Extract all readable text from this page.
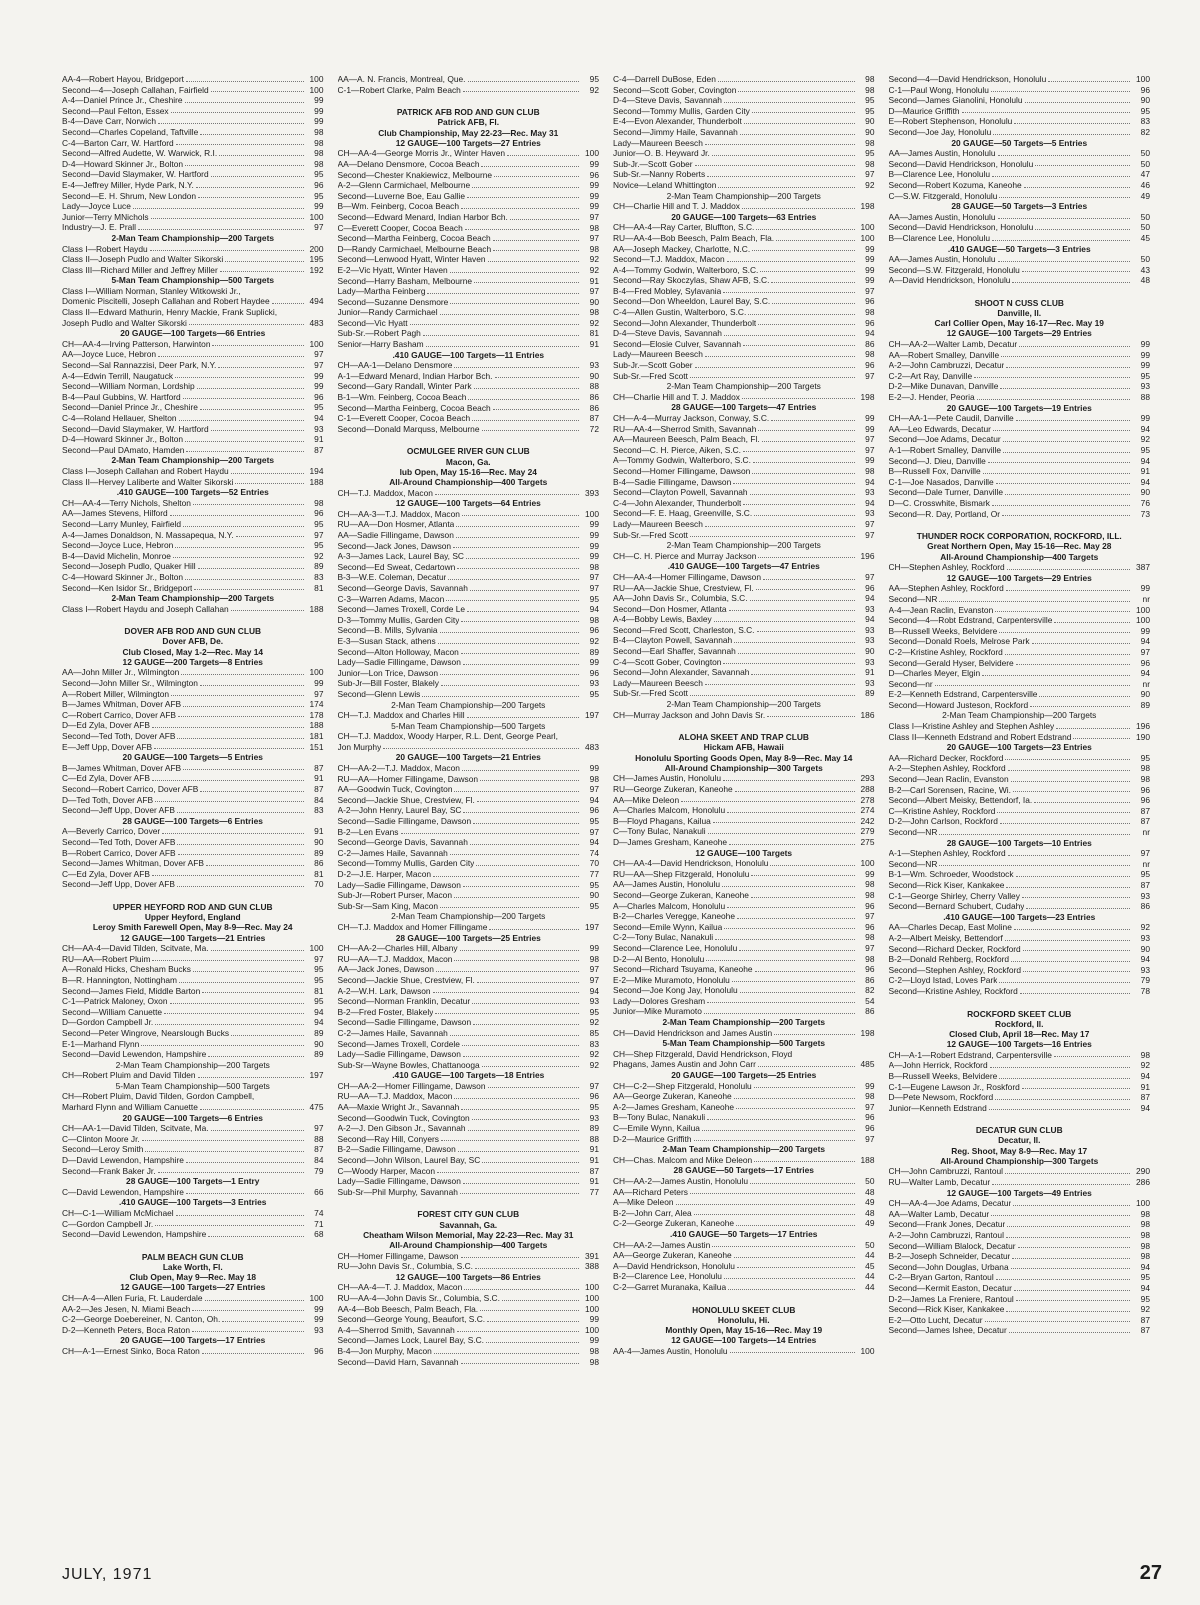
AA-4—Robert Hayou, Bridgeport	100
Second—4—Joseph Callahan, Fairfield	100
A-4—Daniel Prince Jr., Cheshire	99
Second—Paul Felton, Essex	99
B-4—Dave Carr, Norwich	99
Second—Charles Copeland, Taftville	98
C-4—Barton Carr, W. Hartford	98
Second—Alfred Audette, W. Warwick, R.I.	98
D-4—Howard Skinner Jr., Bolton	98
Second—David Slaymaker, W. Hartford	95
E-4—Jeffrey Miller, Hyde Park, N.Y.	96
Second—E. H. Shrum, New London	95
Lady—Joyce Luce	99
Junior—Terry MNichols	100
Industry—J. E. Prall	97
2-Man Team Championship—200 Targets
Class I—Robert Haydu	200
Class II—Joseph Pudlo and Walter Sikorski	195
Class III—Richard Miller and Jeffrey Miller	192
5-Man Team Championship—500 Targets
Class I—William Norman, Stanley Witkowski Jr.,
Domenic Piscitelli, Joseph Callahan and Robert Haydee	494
Class II—Edward Mathurin, Henry Mackie, Frank Suplicki,
Joseph Pudlo and Walter Sikorski	483
20 GAUGE—100 Targets—66 Entries
CH—AA-4—Irving Patterson, Harwinton	100
AA—Joyce Luce, Hebron	97
Second—Sal Rannazzisi, Deer Park, N.Y.	97
A-4—Edwin Terrill, Naugatuck	99
Second—William Norman, Lordship	99
B-4—Paul Gubbins, W. Hartford	96
Second—Daniel Prince Jr., Cheshire	95
C-4—Roland Hellauer, Shelton	94
Second—David Slaymaker, W. Hartford	93
D-4—Howard Skinner Jr., Bolton	91
Second—Paul DAmato, Hamden	87
2-Man Team Championship—200 Targets
Class I—Joseph Callahan and Robert Haydu	194
Class II—Hervey Laliberte and Walter Sikorski	188
.410 GAUGE—100 Targets—52 Entries
CH—AA-4—Terry Nichols, Shelton	98
AA—James Stevens, Hilford	96
Second—Larry Munley, Fairfield	95
A-4—James Donaldson, N. Massapequa, N.Y.	97
Second—Joyce Luce, Hebron	95
B-4—David Michelin, Monroe	92
Second—Joseph Pudlo, Quaker Hill	89
C-4—Howard Skinner Jr., Bolton	83
Second—Ken Isidor Sr., Bridgeport	81
2-Man Team Championship—200 Targets
Class I—Robert Haydu and Joseph Callahan	188
DOVER AFB ROD AND GUN CLUB
Dover AFB, De.
Club Closed, May 1-2—Rec. May 14
12 GAUGE—200 Targets—8 Entries
AA—John Miller Jr., Wilmington	100
Second—John Miller Sr., Wilmington	99
A—Robert Miller, Wilmington	97
B—James Whitman, Dover AFB	174
C—Robert Carrico, Dover AFB	178
D—Ed Zyla, Dover AFB	188
Second—Ted Toth, Dover AFB	181
E—Jeff Upp, Dover AFB	151
20 GAUGE—100 Targets—5 Entries
B—James Whitman, Dover AFB	87
C—Ed Zyla, Dover AFB	91
Second—Robert Carrico, Dover AFB	87
D—Ted Toth, Dover AFB	84
Second—Jeff Upp, Dover AFB	83
28 GAUGE—100 Targets—6 Entries
A—Beverly Carrico, Dover	91
Second—Ted Toth, Dover AFB	90
B—Robert Carrico, Dover AFB	89
Second—James Whitman, Dover AFB	86
C—Ed Zyla, Dover AFB	81
Second—Jeff Upp, Dover AFB	70
UPPER HEYFORD ROD AND GUN CLUB
Upper Heyford, England
Leroy Smith Farewell Open, May 8-9—Rec. May 24
12 GAUGE—100 Targets—21 Entries
CH—AA-4—David Tilden, Scitvate, Ma.	100
RU—AA—Robert Pluim	97
A—Ronald Hicks, Chesham Bucks	95
B—R. Hannington, Nottingham	95
Second—James Field, Middle Barton	81
C-1—Patrick Maloney, Oxon	95
Second—William Canuette	94
D—Gordon Campbell Jr.	94
Second—Peter Wingrove, Nearslough Bucks	89
E-1—Marhand Flynn	90
Second—David Lewendon, Hampshire	89
2-Man Team Championship—200 Targets
CH—Robert Pluim and David Tilden	197
5-Man Team Championship—500 Targets
CH—Robert Pluim, David Tilden, Gordon Campbell,
Marhard Flynn and William Canuette	475
20 GAUGE—100 Targets—6 Entries
CH—AA-1—David Tilden, Scitvate, Ma.	97
C—Clinton Moore Jr.	88
Second—Leroy Smith	87
D—David Lewendon, Hampshire	84
Second—Frank Baker Jr.	79
28 GAUGE—100 Targets—1 Entry
C—David Lewendon, Hampshire	66
.410 GAUGE—100 Targets—3 Entries
CH—C-1—William McMichael	74
C—Gordon Campbell Jr.	71
Second—David Lewendon, Hampshire	68
PALM BEACH GUN CLUB
Lake Worth, Fl.
Club Open, May 9—Rec. May 18
12 GAUGE—100 Targets—27 Entries
CH—A-4—Allen Furia, Ft. Lauderdale	100
AA-2—Jes Jesen, N. Miami Beach	99
C-2—George Doebereiner, N. Canton, Oh.	99
D-2—Kenneth Peters, Boca Raton	93
20 GAUGE—100 Targets—17 Entries
CH—A-1—Ernest Sinko, Boca Raton	96
AA—A. N. Francis, Montreal, Que.	95
C-1—Robert Clarke, Palm Beach	92
PATRICK AFB ROD AND GUN CLUB
Patrick AFB, Fl.
Club Championship, May 22-23—Rec. May 31
12 GAUGE—100 Targets—27 Entries
CH—AA-4—George Morris Jr., Winter Haven	100
AA—Delano Densmore, Cocoa Beach	99
Second—Chester Knakiewicz, Melbourne	96
A-2—Glenn Carmichael, Melbourne	99
Second—Luverne Boe, Eau Gallie	99
B—Wm. Feinberg, Cocoa Beach	99
Second—Edward Menard, Indian Harbor Bch.	97
C—Everett Cooper, Cocoa Beach	98
Second—Martha Feinberg, Cocoa Beach	97
D—Randy Carmichael, Melbourne Beach	98
Second—Lenwood Hyatt, Winter Haven	92
E-2—Vic Hyatt, Winter Haven	92
Second—Harry Basham, Melbourne	91
Lady—Martha Feinberg	97
Second—Suzanne Densmore	90
Junior—Randy Carmichael	98
Second—Vic Hyatt	92
Sub-Sr.—Robert Pagh	81
Senior—Harry Basham	91
.410 GAUGE—100 Targets—11 Entries
CH—AA-1—Delano Densmore	93
A-1—Edward Menard, Indian Harbor Bch.	90
Second—Gary Randall, Winter Park	88
B-1—Wm. Feinberg, Cocoa Beach	86
Second—Martha Feinberg, Cocoa Beach	86
C-1—Everett Cooper, Cocoa Beach	87
Second—Donald Marquss, Melbourne	72
OCMULGEE RIVER GUN CLUB
Macon, Ga.
lub Open, May 15-16—Rec. May 24
All-Around Championship—400 Targets
CH—T.J. Maddox, Macon	393
12 GAUGE—100 Targets—64 Entries
CH—AA-3—T.J. Maddox, Macon	100
RU—AA—Don Hosmer, Atlanta	99
AA—Sadie Fillingame, Dawson	99
Second—Jack Jones, Dawson	99
A-3—James Lack, Laurel Bay, SC	99
Second—Ed Sweat, Cedartown	98
B-3—W.E. Coleman, Decatur	97
Second—George Davis, Savannah	97
C-3—Warren Adams, Macon	95
Second—James Troxell, Corde Le	94
D-3—Tommy Mullis, Garden City	98
Second—B. Mills, Sylvania	96
E-3—Susan Stack, athens	92
Second—Alton Holloway, Macon	89
Lady—Sadie Fillingame, Dawson	99
Junior—Lon Trice, Dawson	96
Sub-Jr—Bill Foster, Blakely	93
Second—Glenn Lewis	95
2-Man Team Championship—200 Targets
CH—T.J. Maddox and Charles Hill	197
5-Man Team Championship—500 Targets
CH—T.J. Maddox, Woody Harper, R.L. Dent, George Pearl,
Jon Murphy	483
20 GAUGE—100 Targets—21 Entries
CH—AA-2—T.J. Maddox, Macon	99
RU—AA—Homer Fillingame, Dawson	98
AA—Goodwin Tuck, Covington	97
Second—Jackie Shue, Crestview, Fl.	94
A-2—John Henry, Laurel Bay, SC	96
Second—Sadie Fillingame, Dawson	95
B-2—Len Evans	97
Second—George Davis, Savannah	94
C-2—James Haile, Savannah	74
Second—Tommy Mullis, Garden City	70
D-2—J.E. Harper, Macon	77
Lady—Sadie Fillingame, Dawson	95
Sub-Jr—Robert Purser, Macon	90
Sub-Sr—Sam King, Macon	95
2-Man Team Championship—200 Targets
CH—T.J. Maddox and Homer Fillingame	197
28 GAUGE—100 Targets—25 Entries
CH—AA-2—Charles Hill, Albany	99
RU—AA—T.J. Maddox, Macon	98
AA—Jack Jones, Dawson	97
Second—Jackie Shue, Crestview, Fl.	97
A-2—W.H. Lark, Dawson	94
Second—Norman Franklin, Decatur	93
B-2—Fred Foster, Blakely	95
Second—Sadie Fillingame, Dawson	92
C-2—James Haile, Savannah	85
Second—James Troxell, Cordele	83
Lady—Sadie Fillingame, Dawson	92
Sub-Sr—Wayne Bowles, Chattanooga	92
.410 GAUGE—100 Targets—18 Entries
CH—AA-2—Homer Fillingame, Dawson	97
RU—AA—T.J. Maddox, Macon	96
AA—Maxie Wright Jr., Savannah	95
Second—Goodwin Tuck, Covington	93
A-2—J. Den Gibson Jr., Savannah	89
Second—Ray Hill, Conyers	88
B-2—Sadie Fillingame, Dawson	91
Second—John Wilson, Laurel Bay, SC	91
C—Woody Harper, Macon	87
Lady—Sadie Fillingame, Dawson	91
Sub-Sr—Phil Murphy, Savannah	77
FOREST CITY GUN CLUB
Savannah, Ga.
Cheatham Wilson Memorial, May 22-23—Rec. May 31
All-Around Championship—400 Targets
CH—Homer Fillingame, Dawson	391
RU—John Davis Sr., Columbia, S.C.	388
12 GAUGE—100 Targets—86 Entries
CH—AA-4—T. J. Maddox, Macon	100
RU—AA-4—John Davis Sr., Columbia, S.C.	100
AA-4—Bob Beesch, Palm Beach, Fla.	100
Second—George Young, Beaufort, S.C.	99
A-4—Sherrod Smith, Savannah	100
Second—James Lock, Laurel Bay, S.C.	99
B-4—Jon Murphy, Macon	98
Second—David Harn, Savannah	98
C-4—Darrell DuBose, Eden	98
Second—Scott Gober, Covington	98
D-4—Steve Davis, Savannah	95
Second—Tommy Mullis, Garden City	95
E-4—Evon Alexander, Thunderbolt	90
Second—Jimmy Haile, Savannah	90
Lady—Maureen Beesch	98
Junior—O. B. Heyward Jr.	95
Sub-Jr.—Scott Gober	98
Sub-Sr.—Nanny Roberts	97
Novice—Leland Whittington	92
2-Man Team Championship—200 Targets
CH—Charlie Hill and T. J. Maddox	198
20 GAUGE—100 Targets—63 Entries
CH—AA-4—Ray Carter, Bluffton, S.C.	100
RU—AA-4—Bob Beesch, Palm Beach, Fla.	100
AA—Joseph Mackey, Charlotte, N.C.	99
Second—T.J. Maddox, Macon	99
A-4—Tommy Godwin, Walterboro, S.C.	99
Second—Ray Skoczylas, Shaw AFB, S.C.	99
B-4—Fred Mobley, Sylavania	97
Second—Don Wheeldon, Laurel Bay, S.C.	96
C-4—Allen Gustin, Walterboro, S.C.	98
Second—John Alexander, Thunderbolt	96
D-4—Steve Davis, Savannah	94
Second—Elosie Culver, Savannah	86
Lady—Maureen Beesch	98
Sub-Jr.—Scott Gober	96
Sub-Sr.—Fred Scott	97
2-Man Team Championship—200 Targets
CH—Charlie Hill and T. J. Maddox	198
28 GAUGE—100 Targets—47 Entries
CH—A-4—Murray Jackson, Conway, S.C.	99
RU—AA-4—Sherrod Smith, Savannah	99
AA—Maureen Beesch, Palm Beach, Fl.	97
Second—C. H. Pierce, Aiken, S.C.	97
A—Tommy Godwin, Walterboro, S.C.	99
Second—Homer Fillingame, Dawson	98
B-4—Sadie Fillingame, Dawson	94
Second—Clayton Powell, Savannah	93
C-4—John Alexander, Thunderbolt	94
Second—F. E. Haag, Greenville, S.C.	93
Lady—Maureen Beesch	97
Sub-Sr.—Fred Scott	97
2-Man Team Championship—200 Targets
CH—C. H. Pierce and Murray Jackson	196
.410 GAUGE—100 Targets—47 Entries
CH—AA-4—Homer Fillingame, Dawson	97
RU—AA—Jackie Shue, Crestview, Fl.	96
AA—John Davis Sr., Columbia, S.C.	94
Second—Don Hosmer, Atlanta	93
A-4—Bobby Lewis, Baxley	94
Second—Fred Scott, Charleston, S.C.	93
B-4—Clayton Powell, Savannah	93
Second—Earl Shaffer, Savannah	90
C-4—Scott Gober, Covington	93
Second—John Alexander, Savannah	91
Lady—Maureen Beesch	93
Sub-Sr.—Fred Scott	89
2-Man Team Championship—200 Targets
CH—Murray Jackson and John Davis Sr.	186
ALOHA SKEET AND TRAP CLUB
Hickam AFB, Hawaii
Honolulu Sporting Goods Open, May 8-9—Rec. May 14
All-Around Championship—300 Targets
CH—James Austin, Honolulu	293
RU—George Zukeran, Kaneohe	288
AA—Mike Deleon	278
A—Charles Malcom, Honolulu	274
B—Floyd Phagans, Kailua	242
C—Tony Bulac, Nanakuli	279
D—James Gresham, Kaneohe	275
12 GAUGE—100 Targets
CH—AA-4—David Hendrickson, Honolulu	100
RU—AA—Shep Fitzgerald, Honolulu	99
AA—James Austin, Honolulu	98
Second—George Zukeran, Kaneohe	98
A—Charles Malcom, Honolulu	96
B-2—Charles Veregge, Kaneohe	97
Second—Emile Wynn, Kailua	96
C-2—Tony Bulac, Nanakuli	98
Second—Clarence Lee, Honolulu	97
D-2—Al Bento, Honolulu	98
Second—Richard Tsuyama, Kaneohe	96
E-2—Mike Muramoto, Honolulu	86
Second—Joe Kong Jay, Honolulu	82
Lady—Dolores Gresham	54
Junior—Mike Muramoto	86
2-Man Team Championship—200 Targets
CH—David Hendrickson and James Austin	198
5-Man Team Championship—500 Targets
CH—Shep Fitzgerald, David Hendrickson, Floyd
Phagans, James Austin and John Carr	485
20 GAUGE—100 Targets—25 Entries
CH—C-2—Shep Fitzgerald, Honolulu	99
AA—George Zukeran, Kaneohe	98
A-2—James Gresham, Kaneohe	97
B—Tony Bulac, Nanakuli	96
C—Emile Wynn, Kailua	96
D-2—Maurice Griffith	97
2-Man Team Championship—200 Targets
CH—Chas. Malcom and Mike Deleon	188
28 GAUGE—50 Targets—17 Entries
CH—AA-2—James Austin, Honolulu	50
AA—Richard Peters	48
A—Mike Deleon	49
B-2—John Carr, Alea	48
C-2—George Zukeran, Kaneohe	49
.410 GAUGE—50 Targets—17 Entries
CH—AA-2—James Austin	50
AA—George Zukeran, Kaneohe	44
A—David Hendrickson, Honolulu	45
B-2—Clarence Lee, Honolulu	44
C-2—Garret Muranaka, Kailua	44
HONOLULU SKEET CLUB
Honolulu, Hi.
Monthly Open, May 15-16—Rec. May 19
12 GAUGE—100 Targets—14 Entries
AA-4—James Austin, Honolulu	100
Second—4—David Hendrickson, Honolulu	100
C-1—Paul Wong, Honolulu	96
Second—James Gianolini, Honolulu	90
D—Maurice Griffith	95
E—Robert Stephenson, Honolulu	83
Second—Joe Jay, Honolulu	82
20 GAUGE—50 Targets—5 Entries
AA—James Austin, Honolulu	50
Second—David Hendrickson, Honolulu	50
B—Clarence Lee, Honolulu	47
Second—Robert Kozuma, Kaneohe	46
C—S.W. Fitzgerald, Honolulu	49
28 GAUGE—50 Targets—3 Entries
AA—James Austin, Honolulu	50
Second—David Hendrickson, Honolulu	50
B—Clarence Lee, Honolulu	45
.410 GAUGE—50 Targets—3 Entries
AA—James Austin, Honolulu	50
Second—S.W. Fitzgerald, Honolulu	43
A—David Hendrickson, Honolulu	48
SHOOT N CUSS CLUB
Danville, Il.
Carl Collier Open, May 16-17—Rec. May 19
12 GAUGE—100 Targets—29 Entries
CH—AA-2—Walter Lamb, Decatur	99
AA—Robert Smalley, Danville	99
A-2—John Cambruzzi, Decatur	99
C-2—Art Ray, Danville	95
D-2—Mike Dunavan, Danville	93
E-2—J. Hender, Peoria	88
20 GAUGE—100 Targets—19 Entries
CH—AA-1—Pete Caudil, Danville	99
AA—Leo Edwards, Decatur	94
Second—Joe Adams, Decatur	92
A-1—Robert Smalley, Danville	95
Second—J. Dieu, Danville	94
B—Russell Fox, Danville	91
C-1—Joe Nasados, Danville	94
Second—Dale Turner, Danville	90
D—C. Crosswhite, Bismark	76
Second—R. Day, Portland, Or	73
THUNDER ROCK CORPORATION, ROCKFORD, ILL.
Great Northern Open, May 15-16—Rec. May 28
All-Around Championship—400 Targets
CH—Stephen Ashley, Rockford	387
12 GAUGE—100 Targets—29 Entries
AA—Stephen Ashley, Rockford	99
Second—NR	nr
A-4—Jean Raclin, Evanston	100
Second—4—Robt Edstrand, Carpentersville	100
B—Russell Weeks, Belvidere	99
Second—Donald Roels, Melrose Park	94
C-2—Kristine Ashley, Rockford	97
Second—Gerald Hyser, Belvidere	96
D—Charles Meyer, Elgin	94
Second—nr	nr
E-2—Kenneth Edstrand, Carpentersville	90
Second—Howard Justeson, Rockford	89
2-Man Team Championship—200 Targets
Class I—Kristine Ashley and Stephen Ashley	196
Class II—Kenneth Edstrand and Robert Edstrand	190
20 GAUGE—100 Targets—23 Entries
AA—Richard Decker, Rockford	95
A-2—Stephen Ashley, Rockford	98
Second—Jean Raclin, Evanston	98
B-2—Carl Sorensen, Racine, Wi.	96
Second—Albert Meisky, Bettendorf, Ia.	96
C—Kristine Ashley, Rockford	87
D-2—John Carlson, Rockford	87
Second—NR	nr
28 GAUGE—100 Targets—10 Entries
A-1—Stephen Ashley, Rockford	97
Second—NR	nr
B-1—Wm. Schroeder, Woodstock	95
Second—Rick Kiser, Kankakee	87
C-1—George Shirley, Cherry Valley	93
Second—Bernard Schubert, Cudahy	86
.410 GAUGE—100 Targets—23 Entries
AA—Charles Decap, East Moline	92
A-2—Albert Meisky, Bettendorf	93
Second—Richard Decker, Rockford	90
B-2—Donald Rehberg, Rockford	94
Second—Stephen Ashley, Rockford	93
C-2—Lloyd Istad, Loves Park	79
Second—Kristine Ashley, Rockford	78
ROCKFORD SKEET CLUB
Rockford, Il.
Closed Club, April 18—Rec. May 17
12 GAUGE—100 Targets—16 Entries
CH—A-1—Robert Edstrand, Carpentersville	98
A—John Herrick, Rockford	92
B—Russell Weeks, Belvidere	94
C-1—Eugene Lawson Jr., Roskford	91
D—Pete Newsom, Rockford	87
Junior—Kenneth Edstrand	94
DECATUR GUN CLUB
Decatur, Il.
Reg. Shoot, May 8-9—Rec. May 17
All-Around Championship—300 Targets
CH—John Cambruzzi, Rantoul	290
RU—Walter Lamb, Decatur	286
12 GAUGE—100 Targets—49 Entries
CH—AA-4—Joe Adams, Decatur	100
AA—Walter Lamb, Decatur	98
Second—Frank Jones, Decatur	98
A-2—John Cambruzzi, Rantoul	98
Second—William Blalock, Decatur	98
B-2—Joseph Schneider, Decatur	98
Second—John Douglas, Urbana	94
C-2—Bryan Garton, Rantoul	95
Second—Kermit Easton, Decatur	94
D-2—James La Freniere, Rantoul	95
Second—Rick Kiser, Kankakee	92
E-2—Otto Lucht, Decatur	87
Second—James Ishee, Decatur	87
JULY, 1971	27
